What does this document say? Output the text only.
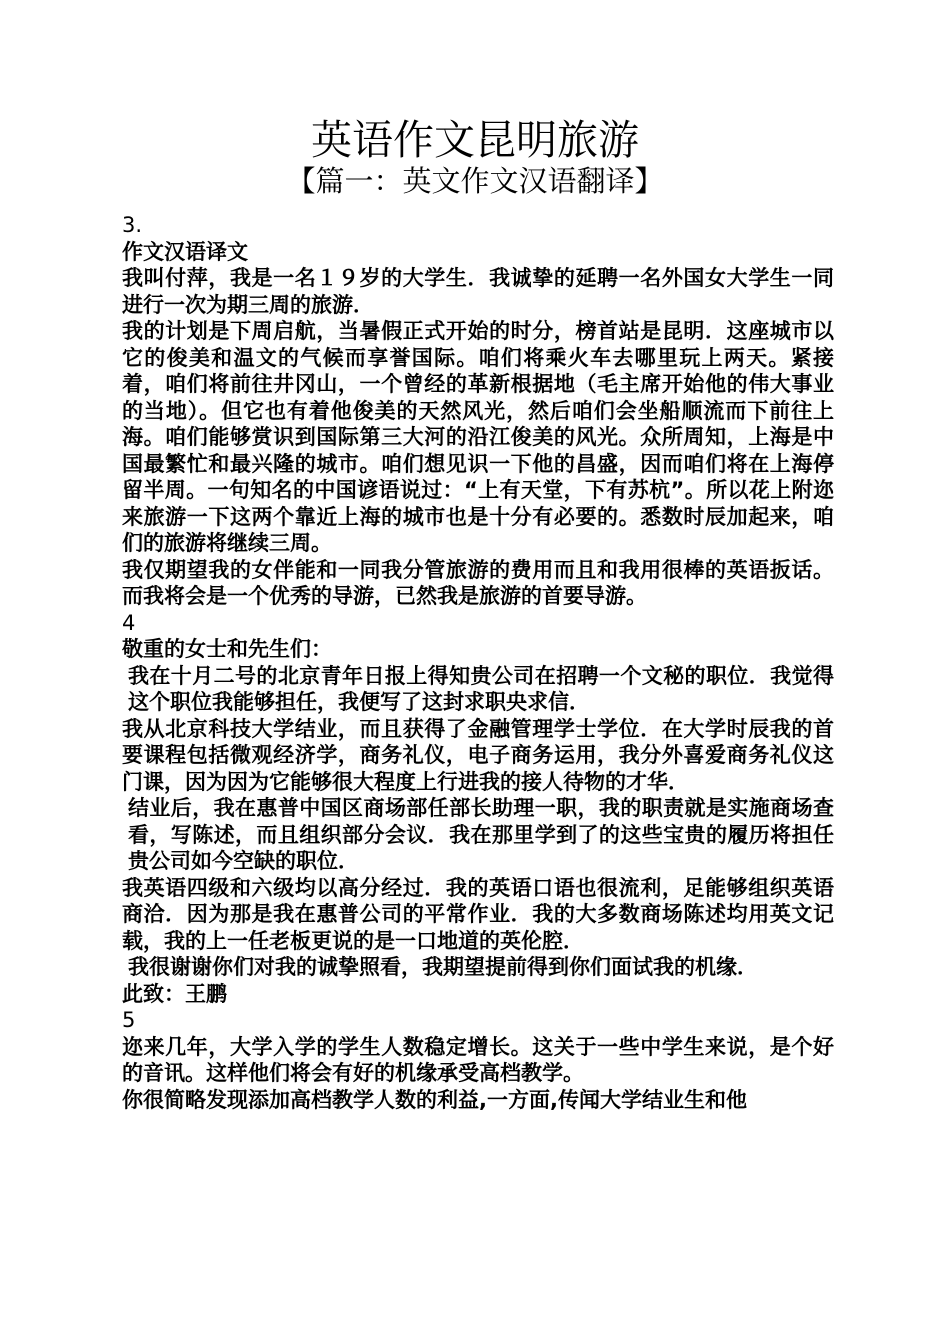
英语作文昆明旅游
【篇一：英文作文汉语翻译】

3.

作文汉语译文

我叫付萍，我是一名１９岁的大学生．我诚挚的延聘一名外国女大学生一同进行一次为期三周的旅游．

我的计划是下周启航，当暑假正式开始的时分，榜首站是昆明．这座城市以它的俊美和温文的气候而享誉国际。咱们将乘火车去哪里玩上两天。紧接着，咱们将前往井冈山，一个曾经的革新根据地（毛主席开始他的伟大事业的当地）。但它也有着他俊美的天然风光，然后咱们会坐船顺流而下前往上海。咱们能够赏识到国际第三大河的沿江俊美的风光。众所周知，上海是中国最繁忙和最兴隆的城市。咱们想见识一下他的昌盛，因而咱们将在上海停留半周。一句知名的中国谚语说过：“上有天堂，下有苏杭”。所以花上附迩来旅游一下这两个靠近上海的城市也是十分有必要的。悉数时辰加起来，咱们的旅游将继续三周。

我仅期望我的女伴能和一同我分管旅游的费用而且和我用很棒的英语扳话。而我将会是一个优秀的导游，已然我是旅游的首要导游。

4

敬重的女士和先生们：

我在十月二号的北京青年日报上得知贵公司在招聘一个文秘的职位．我觉得这个职位我能够担任，我便写了这封求职央求信．

我从北京科技大学结业，而且获得了金融管理学士学位．在大学时辰我的首要课程包括微观经济学，商务礼仪，电子商务运用，我分外喜爱商务礼仪这门课，因为因为它能够很大程度上行进我的接人待物的才华．

结业后，我在惠普中国区商场部任部长助理一职，我的职责就是实施商场查看，写陈述，而且组织部分会议．我在那里学到了的这些宝贵的履历将担任贵公司如今空缺的职位．

我英语四级和六级均以高分经过．我的英语口语也很流利，足能够组织英语商洽．因为那是我在惠普公司的平常作业．我的大多数商场陈述均用英文记载，我的上一任老板更说的是一口地道的英伦腔．

我很谢谢你们对我的诚挚照看，我期望提前得到你们面试我的机缘．

此致：王鹏

5

迩来几年，大学入学的学生人数稳定增长。这关于一些中学生来说，是个好的音讯。这样他们将会有好的机缘承受高档教学。

你很简略发现添加高档教学人数的利益,一方面,传闻大学结业生和他
